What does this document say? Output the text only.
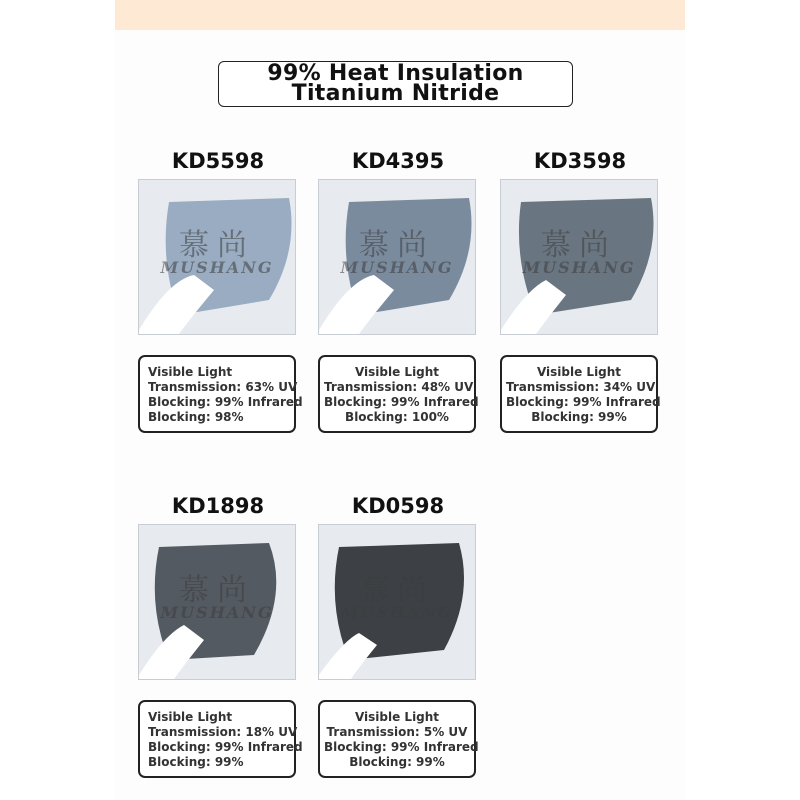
99% Heat Insulation
Titanium Nitride
KD5598
慕尚
MUSHANG
Visible Light
Transmission: 63% UV
Blocking: 99% Infrared
Blocking: 98%
KD4395
慕尚
MUSHANG
Visible Light
Transmission: 48% UV
Blocking: 99% Infrared
Blocking: 100%
KD3598
慕尚
MUSHANG
Visible Light
Transmission: 34% UV
Blocking: 99% Infrared
Blocking: 99%
KD1898
慕尚
MUSHANG
Visible Light
Transmission: 18% UV
Blocking: 99% Infrared
Blocking: 99%
KD0598
慕尚
MUSHANG
Visible Light
Transmission: 5% UV
Blocking: 99% Infrared
Blocking: 99%
